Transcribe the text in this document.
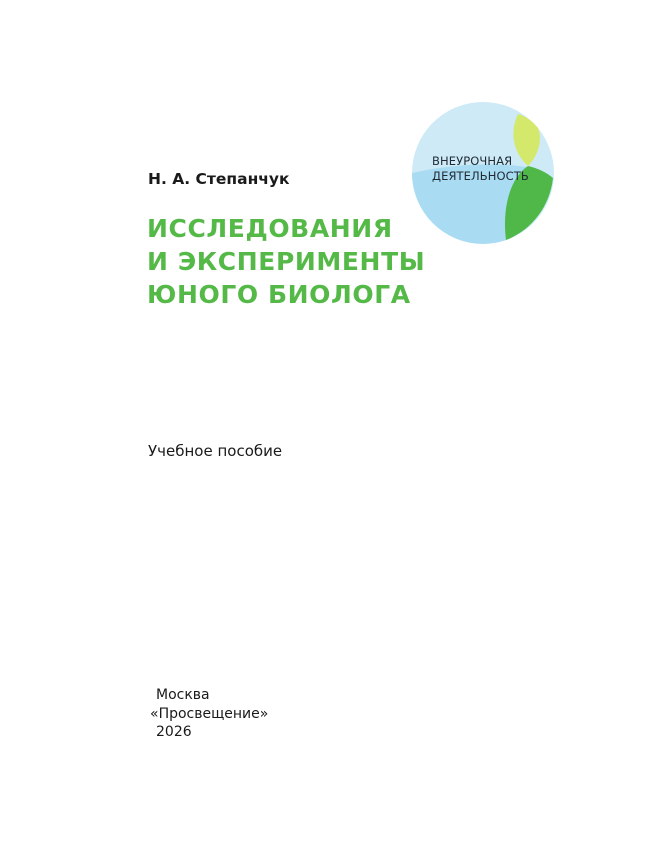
ВНЕУРОЧНАЯ
ДЕЯТЕЛЬНОСТЬ
Н. А. Степанчук
ИССЛЕДОВАНИЯ
И ЭКСПЕРИМЕНТЫ
ЮНОГО БИОЛОГА
Учебное пособие
Москва
«Просвещение»
2026
